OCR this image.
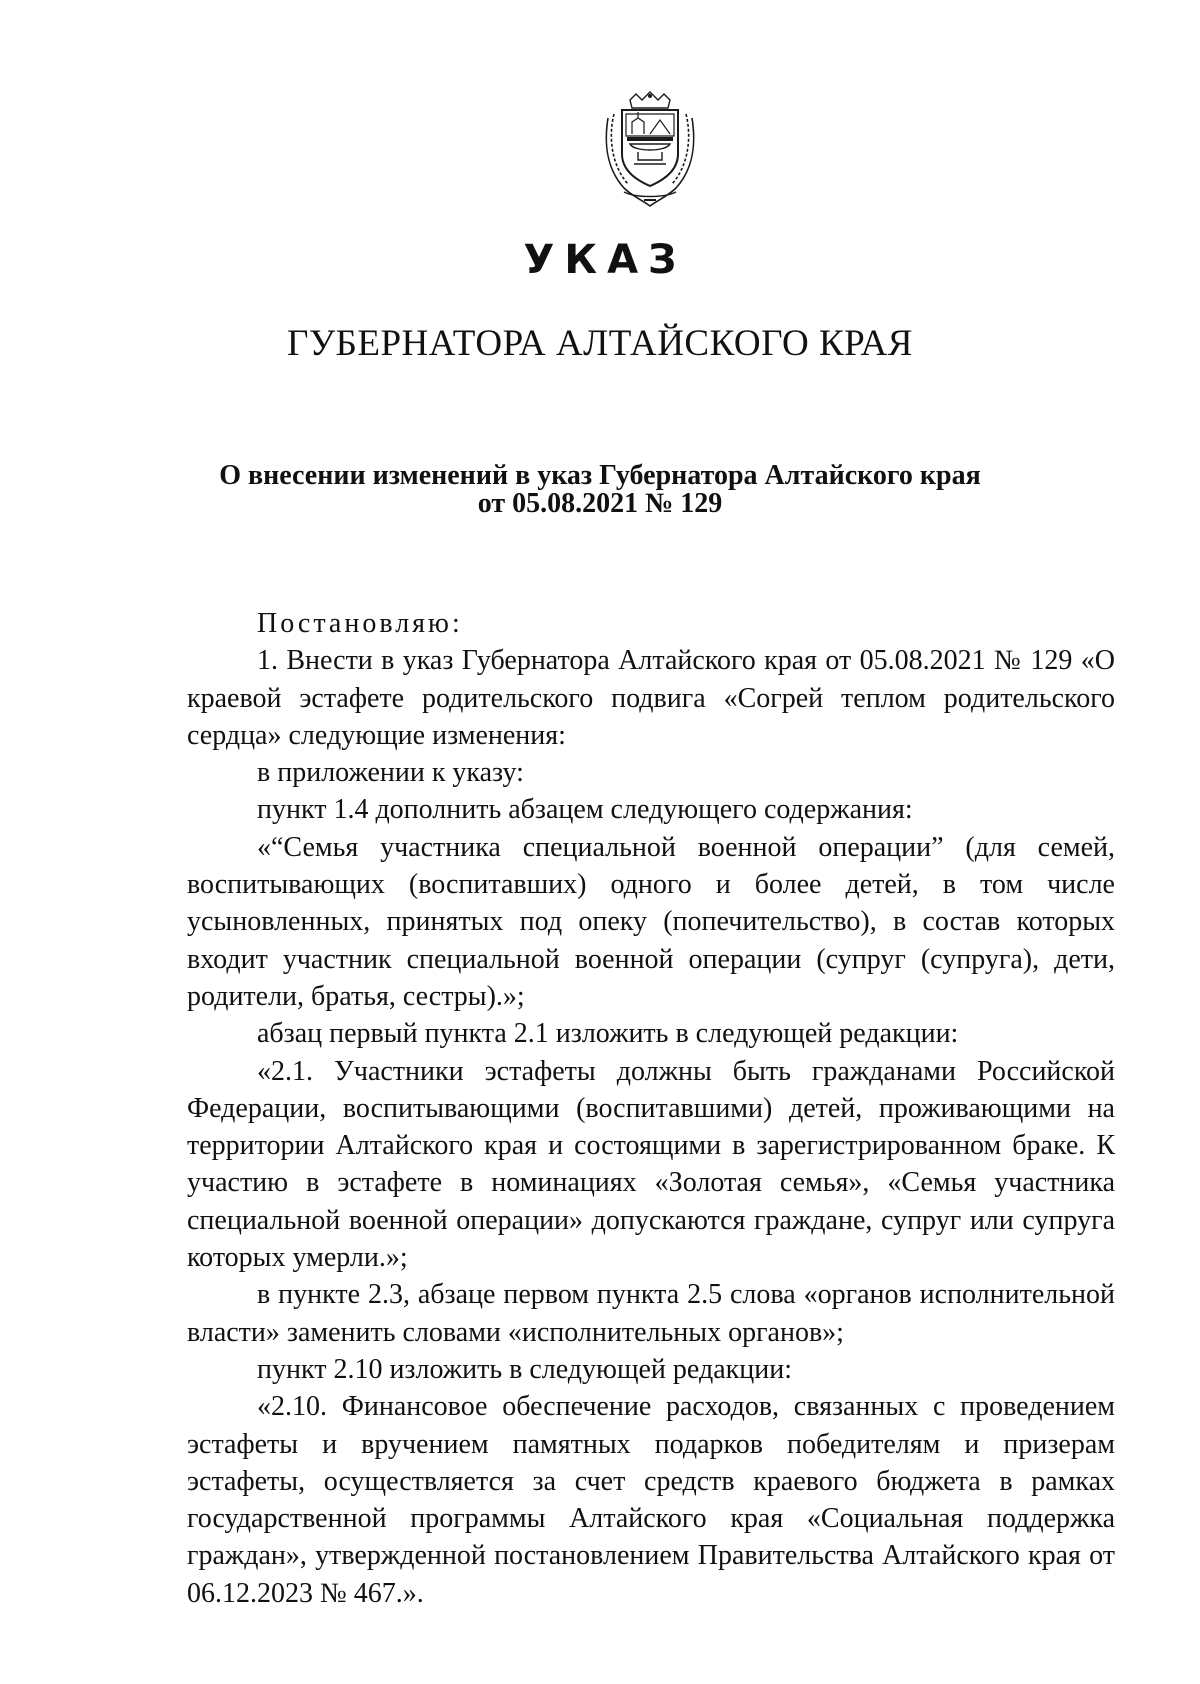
УКАЗ
ГУБЕРНАТОРА АЛТАЙСКОГО КРАЯ
О внесении изменений в указ Губернатора Алтайского края
от 05.08.2021 № 129

Постановляю:

1. Внести в указ Губернатора Алтайского края от 05.08.2021 № 129 «О краевой эстафете родительского подвига «Согрей теплом родительского сердца» следующие изменения:

в приложении к указу:

пункт 1.4 дополнить абзацем следующего содержания:

«“Семья участника специальной военной операции” (для семей, воспитывающих (воспитавших) одного и более детей, в том числе усыновленных, принятых под опеку (попечительство), в состав которых входит участник специальной военной операции (супруг (супруга), дети, родители, братья, сестры).»;

абзац первый пункта 2.1 изложить в следующей редакции:

«2.1. Участники эстафеты должны быть гражданами Российской Федерации, воспитывающими (воспитавшими) детей, проживающими на территории Алтайского края и состоящими в зарегистрированном браке. К участию в эстафете в номинациях «Золотая семья», «Семья участника специальной военной операции» допускаются граждане, супруг или супруга которых умерли.»;

в пункте 2.3, абзаце первом пункта 2.5 слова «органов исполнительной власти» заменить словами «исполнительных органов»;

пункт 2.10 изложить в следующей редакции:

«2.10. Финансовое обеспечение расходов, связанных с проведением эстафеты и вручением памятных подарков победителям и призерам эстафеты, осуществляется за счет средств краевого бюджета в рамках государственной программы Алтайского края «Социальная поддержка граждан», утвержденной постановлением Правительства Алтайского края от 06.12.2023 № 467.».
